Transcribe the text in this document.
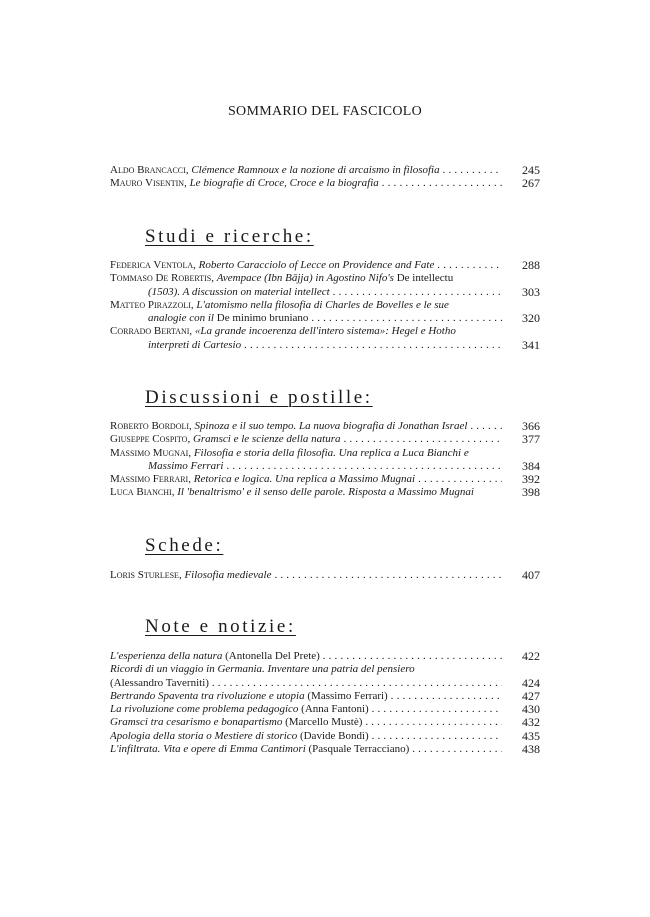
SOMMARIO DEL FASCICOLO
Aldo Brancacci, Clémence Ramnoux e la nozione di arcaismo in filosofia . . .	245
Mauro Visentin, Le biografie di Croce, Croce e la biografia . . .	267
Studi e ricerche:
Federica Ventola, Roberto Caracciolo of Lecce on Providence and Fate . . .	288
Tommaso De Robertis, Avempace (Ibn Bājja) in Agostino Nifo's De intellectu
(1503). A discussion on material intellect . . .	303
Matteo Pirazzoli, L'atomismo nella filosofia di Charles de Bovelles e le sue
analogie con il De minimo bruniano . . .	320
Corrado Bertani, «La grande incoerenza dell'intero sistema»: Hegel e Hotho
interpreti di Cartesio . . .	341
Discussioni e postille:
Roberto Bordoli, Spinoza e il suo tempo. La nuova biografia di Jonathan Israel . . .	366
Giuseppe Cospito, Gramsci e le scienze della natura . . .	377
Massimo Mugnai, Filosofia e storia della filosofia. Una replica a Luca Bianchi e
Massimo Ferrari . . .	384
Massimo Ferrari, Retorica e logica. Una replica a Massimo Mugnai . . .	392
Luca Bianchi, Il 'benaltrismo' e il senso delle parole. Risposta a Massimo Mugnai	398
Schede:
Loris Sturlese, Filosofia medievale . . .	407
Note e notizie:
L'esperienza della natura (Antonella Del Prete) . . .	422
Ricordi di un viaggio in Germania. Inventare una patria del pensiero
(Alessandro Taverniti) . . .	424
Bertrando Spaventa tra rivoluzione e utopia (Massimo Ferrari) . . .	427
La rivoluzione come problema pedagogico (Anna Fantoni) . . .	430
Gramsci tra cesarismo e bonapartismo (Marcello Mustè) . . .	432
Apologia della storia o Mestiere di storico (Davide Bondì) . . .	435
L'infiltrata. Vita e opere di Emma Cantimori (Pasquale Terracciano) . . .	438
